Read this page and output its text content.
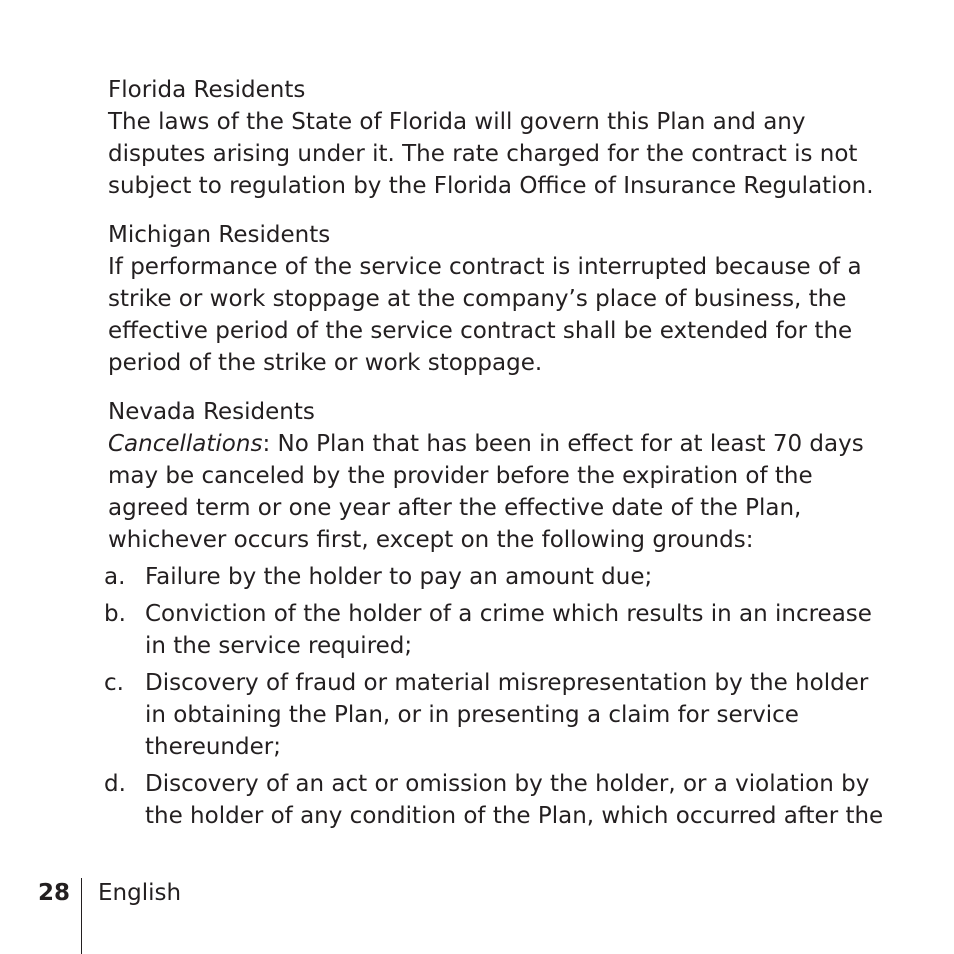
Florida Residents

The laws of the State of Florida will govern this Plan and any disputes arising under it. The rate charged for the contract is not subject to regulation by the Florida Office of Insurance Regulation.

Michigan Residents

If performance of the service contract is interrupted because of a strike or work stoppage at the company’s place of business, the effective period of the service contract shall be extended for the period of the strike or work stoppage.

Nevada Residents

Cancellations: No Plan that has been in effect for at least 70 days may be canceled by the provider before the expiration of the agreed term or one year after the effective date of the Plan, whichever occurs first, except on the following grounds:

a. Failure by the holder to pay an amount due;
b. Conviction of the holder of a crime which results in an increase in the service required;
c. Discovery of fraud or material misrepresentation by the holder in obtaining the Plan, or in presenting a claim for service thereunder;
d. Discovery of an act or omission by the holder, or a violation by the holder of any condition of the Plan, which occurred after the
28 English
